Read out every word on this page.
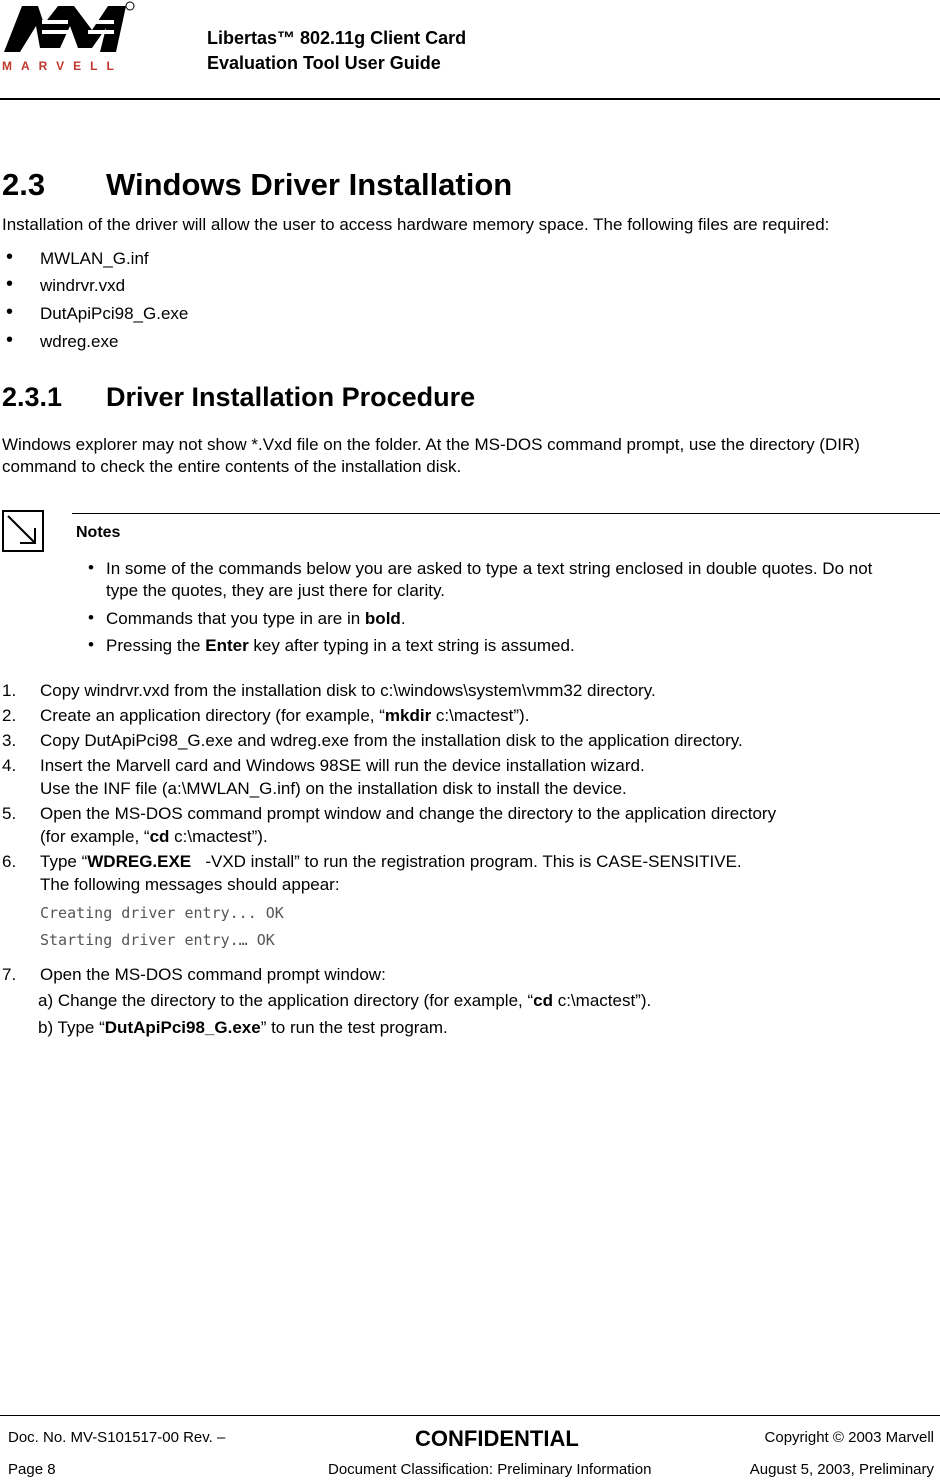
MARVELL
Libertas™ 802.11g Client Card
Evaluation Tool User Guide
2.3 Windows Driver Installation
Installation of the driver will allow the user to access hardware memory space. The following files are required:
• MWLAN_G.inf
• windrvr.vxd
• DutApiPci98_G.exe
• wdreg.exe
2.3.1 Driver Installation Procedure
Windows explorer may not show *.Vxd file on the folder. At the MS-DOS command prompt, use the directory (DIR)
command to check the entire contents of the installation disk.
Notes
• In some of the commands below you are asked to type a text string enclosed in double quotes. Do not
type the quotes, they are just there for clarity.
• Commands that you type in are in bold.
• Pressing the Enter key after typing in a text string is assumed.
1. Copy windrvr.vxd from the installation disk to c:\windows\system\vmm32 directory.
2. Create an application directory (for example, “mkdir c:\mactest”).
3. Copy DutApiPci98_G.exe and wdreg.exe from the installation disk to the application directory.
4. Insert the Marvell card and Windows 98SE will run the device installation wizard.
Use the INF file (a:\MWLAN_G.inf) on the installation disk to install the device.
5. Open the MS-DOS command prompt window and change the directory to the application directory
(for example, “cd c:\mactest”).
6. Type “WDREG.EXE   -VXD install” to run the registration program. This is CASE-SENSITIVE.
The following messages should appear:
Creating driver entry... OK
Starting driver entry.… OK
7. Open the MS-DOS command prompt window:
a) Change the directory to the application directory (for example, “cd c:\mactest”).
b) Type “DutApiPci98_G.exe” to run the test program.
Doc. No. MV-S101517-00 Rev. –	CONFIDENTIAL	Copyright © 2003 Marvell
Page 8	Document Classification: Preliminary Information	August 5, 2003, Preliminary
